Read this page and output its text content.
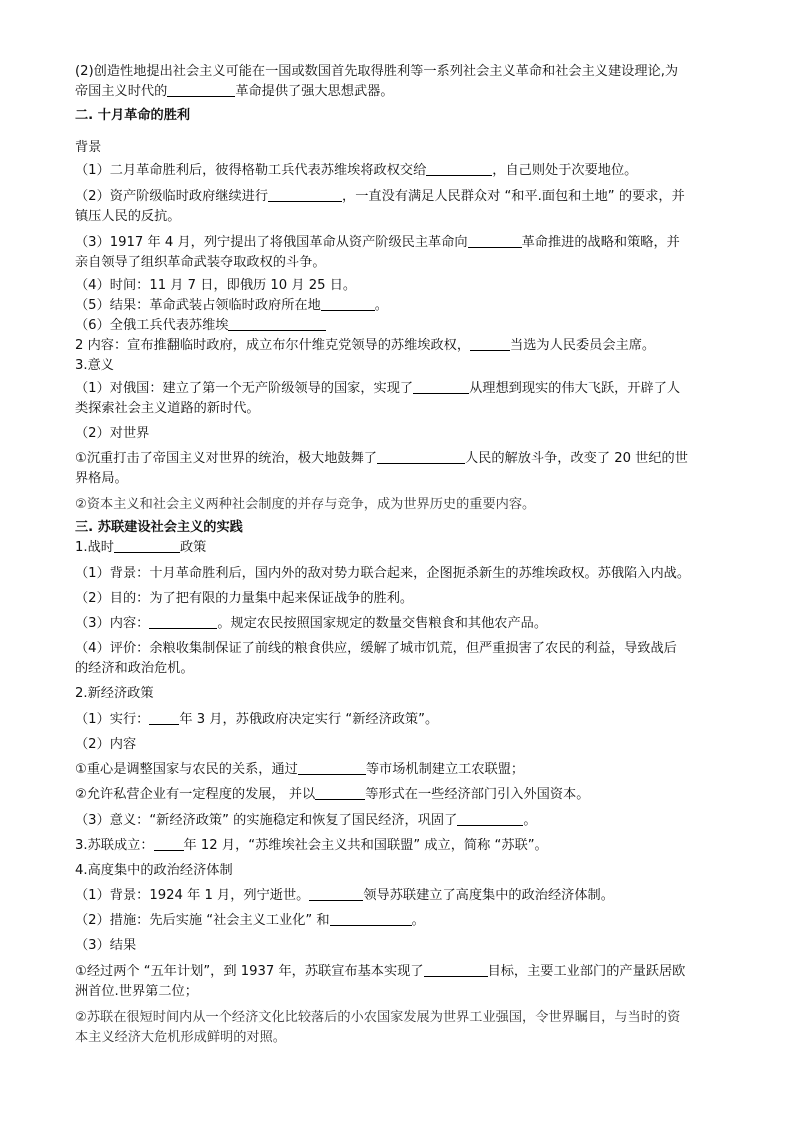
(2)创造性地提出社会主义可能在一国或数国首先取得胜利等一系列社会主义革命和社会主义建设理论,为
帝国主义时代的	革命提供了强大思想武器。
二. 十月革命的胜利
背景
（1）二月革命胜利后，彼得格勒工兵代表苏维埃将政权交给	，自己则处于次要地位。
（2）资产阶级临时政府继续进行	，一直没有满足人民群众对 “和平.面包和土地” 的要求，并
镇压人民的反抗。
（3）1917 年 4 月，列宁提出了将俄国革命从资产阶级民主革命向	革命推进的战略和策略，并
亲自领导了组织革命武装夺取政权的斗争。
（4）时间：11 月 7 日，即俄历 10 月 25 日。
（5）结果：革命武装占领临时政府所在地	。
（6）全俄工兵代表苏维埃
2 内容：宣布推翻临时政府，成立布尔什维克党领导的苏维埃政权，	当选为人民委员会主席。
3.意义
（1）对俄国：建立了第一个无产阶级领导的国家，实现了	从理想到现实的伟大飞跃，开辟了人
类探索社会主义道路的新时代。
（2）对世界
①沉重打击了帝国主义对世界的统治，极大地鼓舞了	人民的解放斗争，改变了 20 世纪的世
界格局。
②资本主义和社会主义两种社会制度的并存与竞争，成为世界历史的重要内容。
三. 苏联建设社会主义的实践
1.战时	政策
（1）背景：十月革命胜利后，国内外的敌对势力联合起来，企图扼杀新生的苏维埃政权。苏俄陷入内战。
（2）目的：为了把有限的力量集中起来保证战争的胜利。
（3）内容：	。规定农民按照国家规定的数量交售粮食和其他农产品。
（4）评价：余粮收集制保证了前线的粮食供应，缓解了城市饥荒，但严重损害了农民的利益，导致战后
的经济和政治危机。
2.新经济政策
（1）实行： 年 3 月，苏俄政府决定实行 “新经济政策”。
（2）内容
①重心是调整国家与农民的关系，通过	等市场机制建立工农联盟；
②允许私营企业有一定程度的发展， 并以	等形式在一些经济部门引入外国资本。
（3）意义：“新经济政策” 的实施稳定和恢复了国民经济，巩固了	。
3.苏联成立： 年 12 月，“苏维埃社会主义共和国联盟” 成立，简称 “苏联”。
4.高度集中的政治经济体制
（1）背景：1924 年 1 月，列宁逝世。	领导苏联建立了高度集中的政治经济体制。
（2）措施：先后实施 “社会主义工业化” 和	。
（3）结果
①经过两个 “五年计划”，到 1937 年，苏联宣布基本实现了	目标，主要工业部门的产量跃居欧
洲首位.世界第二位；
②苏联在很短时间内从一个经济文化比较落后的小农国家发展为世界工业强国，令世界瞩目，与当时的资
本主义经济大危机形成鲜明的对照。
